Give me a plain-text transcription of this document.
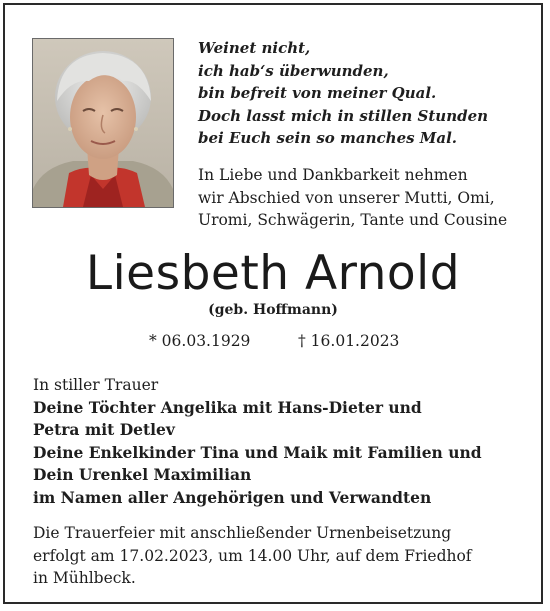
Weinet nicht,
ich hab‘s überwunden,
bin befreit von meiner Qual.
Doch lasst mich in stillen Stunden
bei Euch sein so manches Mal.
In Liebe und Dankbarkeit nehmen
wir Abschied von unserer Mutti, Omi,
Uromi, Schwägerin, Tante und Cousine
Liesbeth Arnold
(geb. Hoffmann)
* 06.03.1929	† 16.01.2023
In stiller Trauer
Deine Töchter Angelika mit Hans-Dieter und
Petra mit Detlev
Deine Enkelkinder Tina und Maik mit Familien und
Dein Urenkel Maximilian
im Namen aller Angehörigen und Verwandten
Die Trauerfeier mit anschließender Urnenbeisetzung
erfolgt am 17.02.2023, um 14.00 Uhr, auf dem Friedhof
in Mühlbeck.
